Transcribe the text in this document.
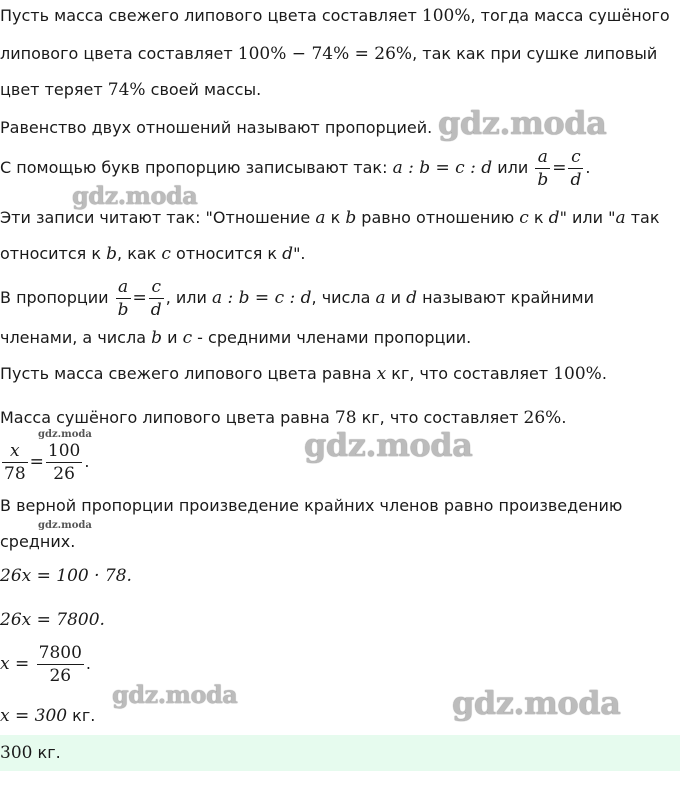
Пусть масса свежего липового цвета составляет 100%, тогда масса сушёного
липового цвета составляет 100% − 74% = 26%, так как при сушке липовый
цвет теряет 74% своей массы.
Равенство двух отношений называют пропорцией. gdz.moda
С помощью букв пропорцию записывают так: a : b = c : d или $\frac{a}{b} = \frac{c}{d}$ .
gdz.moda
Эти записи читают так: "Отношение a к b равно отношению c к d" или "a так
относится к b, как c относится к d".
В пропорции $\frac{a}{b} = \frac{c}{d}$ , или a : b = c : d, числа a и d называют крайними
членами, а числа b и c - средними членами пропорции.
Пусть масса свежего липового цвета равна x кг, что составляет 100%.
Масса сушёного липового цвета равна 78 кг, что составляет 26%.
gdz.moda	gdz.moda
$\frac{x}{78} = \frac{100}{26}$ .
В верной пропорции произведение крайних членов равно произведению
gdz.moda
средних.
26x = 100 · 78.
26x = 7800.
$x = \frac{7800}{26}$ .
gdz.moda	gdz.moda
x = 300 кг.
300 кг.
